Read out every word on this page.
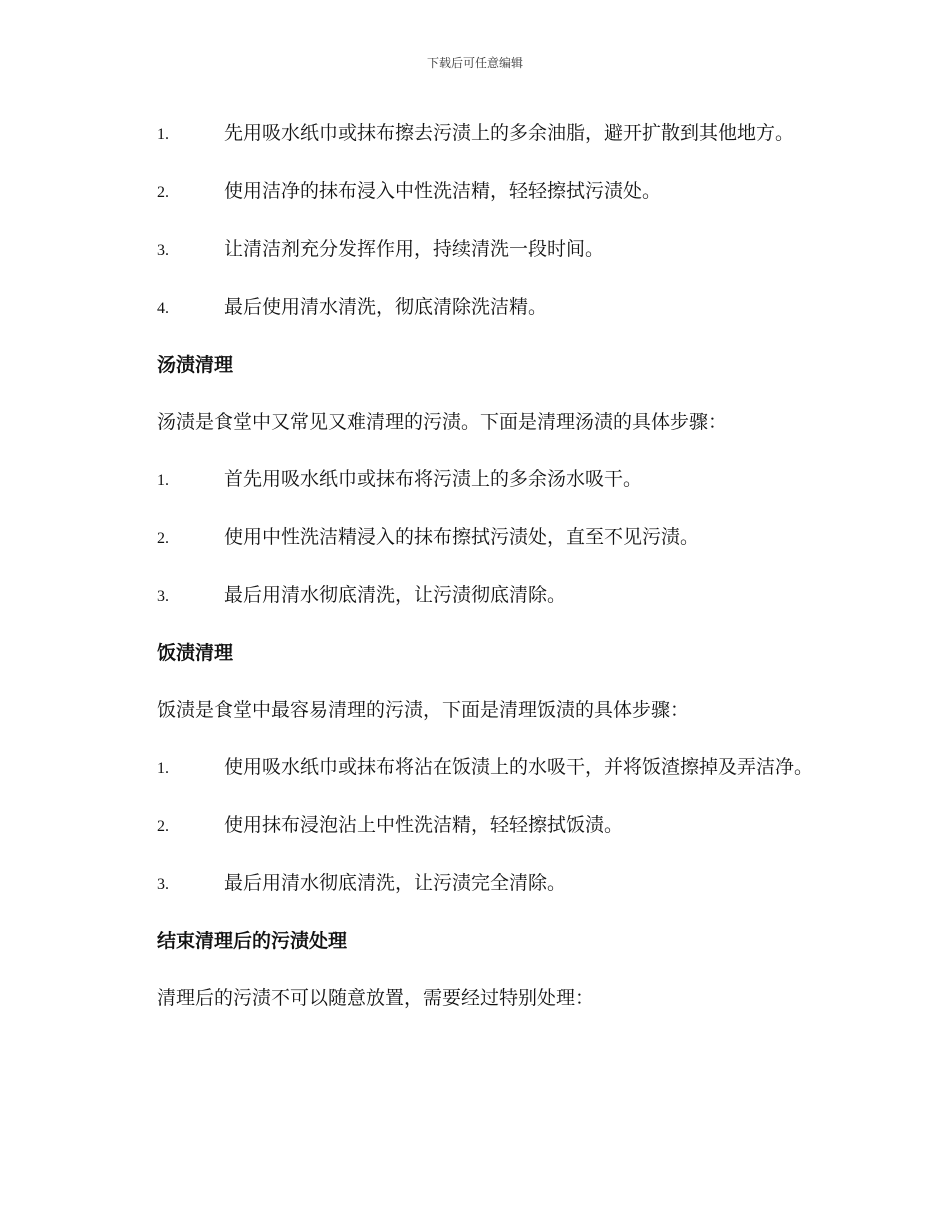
下载后可任意编辑
1.	先用吸水纸巾或抹布擦去污渍上的多余油脂，避开扩散到其他地方。
2.	使用洁净的抹布浸入中性洗洁精，轻轻擦拭污渍处。
3.	让清洁剂充分发挥作用，持续清洗一段时间。
4.	最后使用清水清洗，彻底清除洗洁精。
汤渍清理
汤渍是食堂中又常见又难清理的污渍。下面是清理汤渍的具体步骤：
1.	首先用吸水纸巾或抹布将污渍上的多余汤水吸干。
2.	使用中性洗洁精浸入的抹布擦拭污渍处，直至不见污渍。
3.	最后用清水彻底清洗，让污渍彻底清除。
饭渍清理
饭渍是食堂中最容易清理的污渍，下面是清理饭渍的具体步骤：
1.	使用吸水纸巾或抹布将沾在饭渍上的水吸干，并将饭渣擦掉及弄洁净。
2.	使用抹布浸泡沾上中性洗洁精，轻轻擦拭饭渍。
3.	最后用清水彻底清洗，让污渍完全清除。
结束清理后的污渍处理
清理后的污渍不可以随意放置，需要经过特别处理：
